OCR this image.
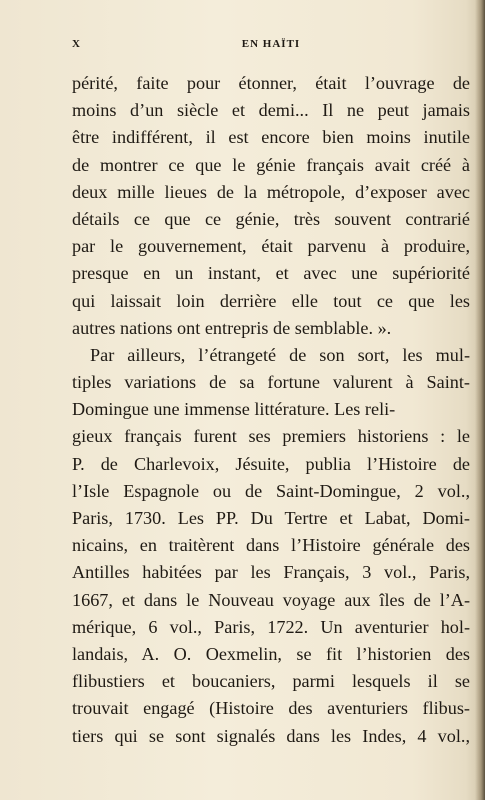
X	EN HAÏTI
périté, faite pour étonner, était l’ouvrage de
moins d’un siècle et demi... Il ne peut jamais
être indifférent, il est encore bien moins inutile
de montrer ce que le génie français avait créé à
deux mille lieues de la métropole, d’exposer avec
détails ce que ce génie, très souvent contrarié
par le gouvernement, était parvenu à produire,
presque en un instant, et avec une supériorité
qui laissait loin derrière elle tout ce que les
autres nations ont entrepris de semblable. ».
Par ailleurs, l’étrangeté de son sort, les mul-
tiples variations de sa fortune valurent à Saint-
Domingue une immense littérature. Les reli-
gieux français furent ses premiers historiens : le
P. de Charlevoix, Jésuite, publia l’Histoire de
l’Isle Espagnole ou de Saint-Domingue, 2 vol.,
Paris, 1730. Les PP. Du Tertre et Labat, Domi-
nicains, en traitèrent dans l’Histoire générale des
Antilles habitées par les Français, 3 vol., Paris,
1667, et dans le Nouveau voyage aux îles de l’A-
mérique, 6 vol., Paris, 1722. Un aventurier hol-
landais, A. O. Oexmelin, se fit l’historien des
flibustiers et boucaniers, parmi lesquels il se
trouvait engagé (Histoire des aventuriers flibus-
tiers qui se sont signalés dans les Indes, 4 vol.,
